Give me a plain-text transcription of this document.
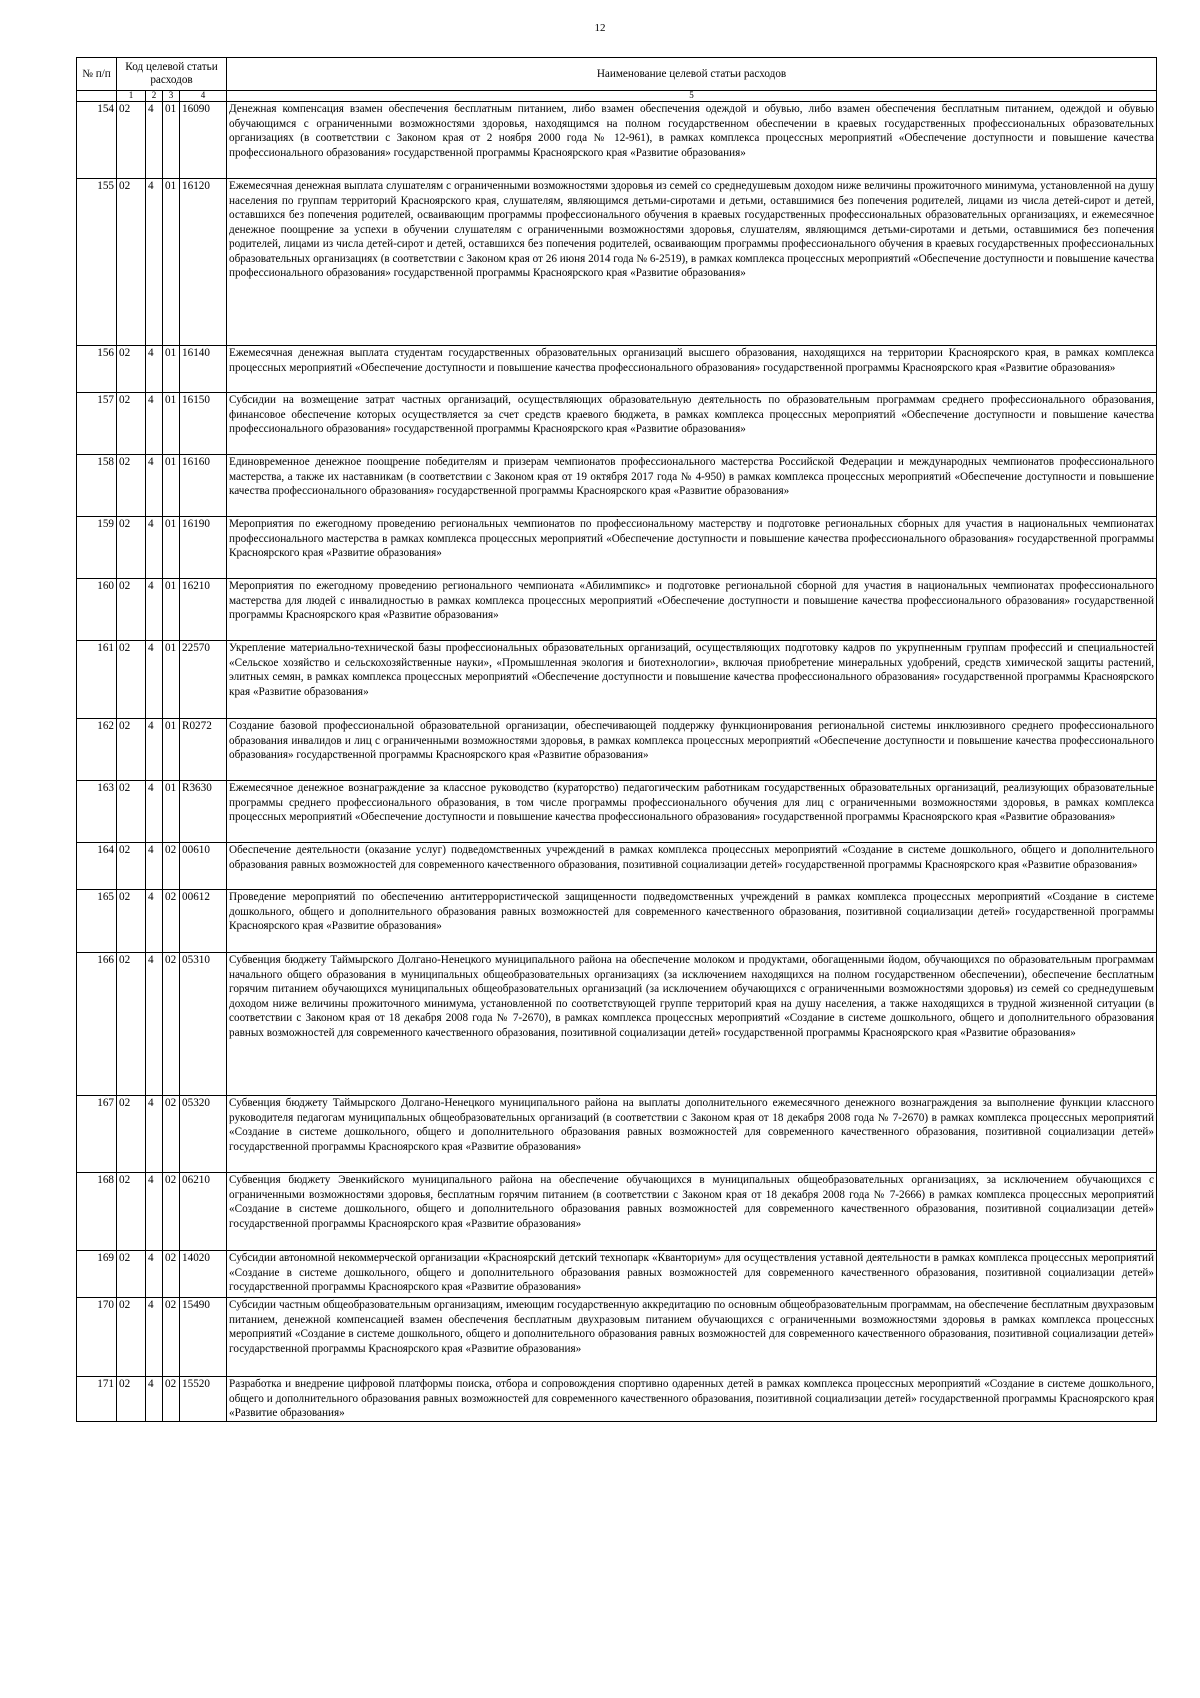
12
№ п/п	Код целевой статьи расходов				Наименование целевой статьи расходов

	1	2	3	4	5
154	02	4	01	16090	Денежная компенсация взамен обеспечения бесплатным питанием, либо взамен обеспечения одеждой и обувью, либо взамен обеспечения бесплатным питанием, одеждой и обувью обучающимся с ограниченными возможностями здоровья, находящимся на полном государственном обеспечении в краевых государственных профессиональных образовательных организациях (в соответствии с Законом края от 2 ноября 2000 года № 12-961), в рамках комплекса процессных мероприятий «Обеспечение доступности и повышение качества профессионального образования» государственной программы Красноярского края «Развитие образования»
155	02	4	01	16120	Ежемесячная денежная выплата слушателям с ограниченными возможностями здоровья из семей со среднедушевым доходом ниже величины прожиточного минимума, установленной на душу населения по группам территорий Красноярского края, слушателям, являющимся детьми-сиротами и детьми, оставшимися без попечения родителей, лицами из числа детей-сирот и детей, оставшихся без попечения родителей, осваивающим программы профессионального обучения в краевых государственных профессиональных образовательных организациях, и ежемесячное денежное поощрение за успехи в обучении слушателям с ограниченными возможностями здоровья, слушателям, являющимся детьми-сиротами и детьми, оставшимися без попечения родителей, лицами из числа детей-сирот и детей, оставшихся без попечения родителей, осваивающим программы профессионального обучения в краевых государственных профессиональных образовательных организациях (в соответствии с Законом края от 26 июня 2014 года № 6-2519), в рамках комплекса процессных мероприятий «Обеспечение доступности и повышение качества профессионального образования» государственной программы Красноярского края «Развитие образования»
156	02	4	01	16140	Ежемесячная денежная выплата студентам государственных образовательных организаций высшего образования, находящихся на территории Красноярского края, в рамках комплекса процессных мероприятий «Обеспечение доступности и повышение качества профессионального образования» государственной программы Красноярского края «Развитие образования»
157	02	4	01	16150	Субсидии на возмещение затрат частных организаций, осуществляющих образовательную деятельность по образовательным программам среднего профессионального образования, финансовое обеспечение которых осуществляется за счет средств краевого бюджета, в рамках комплекса процессных мероприятий «Обеспечение доступности и повышение качества профессионального образования» государственной программы Красноярского края «Развитие образования»
158	02	4	01	16160	Единовременное денежное поощрение победителям и призерам чемпионатов профессионального мастерства Российской Федерации и международных чемпионатов профессионального мастерства, а также их наставникам (в соответствии с Законом края от 19 октября 2017 года № 4-950) в рамках комплекса процессных мероприятий «Обеспечение доступности и повышение качества профессионального образования» государственной программы Красноярского края «Развитие образования»
159	02	4	01	16190	Мероприятия по ежегодному проведению региональных чемпионатов по профессиональному мастерству и подготовке региональных сборных для участия в национальных чемпионатах профессионального мастерства в рамках комплекса процессных мероприятий «Обеспечение доступности и повышение качества профессионального образования» государственной программы Красноярского края «Развитие образования»
160	02	4	01	16210	Мероприятия по ежегодному проведению регионального чемпионата «Абилимпикс» и подготовке региональной сборной для участия в национальных чемпионатах профессионального мастерства для людей с инвалидностью в рамках комплекса процессных мероприятий «Обеспечение доступности и повышение качества профессионального образования» государственной программы Красноярского края «Развитие образования»
161	02	4	01	22570	Укрепление материально-технической базы профессиональных образовательных организаций, осуществляющих подготовку кадров по укрупненным группам профессий и специальностей «Сельское хозяйство и сельскохозяйственные науки», «Промышленная экология и биотехнологии», включая приобретение минеральных удобрений, средств химической защиты растений, элитных семян, в рамках комплекса процессных мероприятий «Обеспечение доступности и повышение качества профессионального образования» государственной программы Красноярского края «Развитие образования»
162	02	4	01	R0272	Создание базовой профессиональной образовательной организации, обеспечивающей поддержку функционирования региональной системы инклюзивного среднего профессионального образования инвалидов и лиц с ограниченными возможностями здоровья, в рамках комплекса процессных мероприятий «Обеспечение доступности и повышение качества профессионального образования» государственной программы Красноярского края «Развитие образования»
163	02	4	01	R3630	Ежемесячное денежное вознаграждение за классное руководство (кураторство) педагогическим работникам государственных образовательных организаций, реализующих образовательные программы среднего профессионального образования, в том числе программы профессионального обучения для лиц с ограниченными возможностями здоровья, в рамках комплекса процессных мероприятий «Обеспечение доступности и повышение качества профессионального образования» государственной программы Красноярского края «Развитие образования»
164	02	4	02	00610	Обеспечение деятельности (оказание услуг) подведомственных учреждений в рамках комплекса процессных мероприятий «Создание в системе дошкольного, общего и дополнительного образования равных возможностей для современного качественного образования, позитивной социализации детей» государственной программы Красноярского края «Развитие образования»
165	02	4	02	00612	Проведение мероприятий по обеспечению антитеррористической защищенности подведомственных учреждений в рамках комплекса процессных мероприятий «Создание в системе дошкольного, общего и дополнительного образования равных возможностей для современного качественного образования, позитивной социализации детей» государственной программы Красноярского края «Развитие образования»
166	02	4	02	05310	Субвенция бюджету Таймырского Долгано-Ненецкого муниципального района на обеспечение молоком и продуктами, обогащенными йодом, обучающихся по образовательным программам начального общего образования в муниципальных общеобразовательных организациях (за исключением находящихся на полном государственном обеспечении), обеспечение бесплатным горячим питанием обучающихся муниципальных общеобразовательных организаций (за исключением обучающихся с ограниченными возможностями здоровья) из семей со среднедушевым доходом ниже величины прожиточного минимума, установленной по соответствующей группе территорий края на душу населения, а также находящихся в трудной жизненной ситуации (в соответствии с Законом края от 18 декабря 2008 года № 7-2670), в рамках комплекса процессных мероприятий «Создание в системе дошкольного, общего и дополнительного образования равных возможностей для современного качественного образования, позитивной социализации детей» государственной программы Красноярского края «Развитие образования»
167	02	4	02	05320	Субвенция бюджету Таймырского Долгано-Ненецкого муниципального района на выплаты дополнительного ежемесячного денежного вознаграждения за выполнение функции классного руководителя педагогам муниципальных общеобразовательных организаций (в соответствии с Законом края от 18 декабря 2008 года № 7-2670) в рамках комплекса процессных мероприятий «Создание в системе дошкольного, общего и дополнительного образования равных возможностей для современного качественного образования, позитивной социализации детей» государственной программы Красноярского края «Развитие образования»
168	02	4	02	06210	Субвенция бюджету Эвенкийского муниципального района на обеспечение обучающихся в муниципальных общеобразовательных организациях, за исключением обучающихся с ограниченными возможностями здоровья, бесплатным горячим питанием (в соответствии с Законом края от 18 декабря 2008 года № 7-2666) в рамках комплекса процессных мероприятий «Создание в системе дошкольного, общего и дополнительного образования равных возможностей для современного качественного образования, позитивной социализации детей» государственной программы Красноярского края «Развитие образования»
169	02	4	02	14020	Субсидии автономной некоммерческой организации «Красноярский детский технопарк «Кванториум» для осуществления уставной деятельности в рамках комплекса процессных мероприятий «Создание в системе дошкольного, общего и дополнительного образования равных возможностей для современного качественного образования, позитивной социализации детей» государственной программы Красноярского края «Развитие образования»
170	02	4	02	15490	Субсидии частным общеобразовательным организациям, имеющим государственную аккредитацию по основным общеобразовательным программам, на обеспечение бесплатным двухразовым питанием, денежной компенсацией взамен обеспечения бесплатным двухразовым питанием обучающихся с ограниченными возможностями здоровья в рамках комплекса процессных мероприятий «Создание в системе дошкольного, общего и дополнительного образования равных возможностей для современного качественного образования, позитивной социализации детей» государственной программы Красноярского края «Развитие образования»
171	02	4	02	15520	Разработка и внедрение цифровой платформы поиска, отбора и сопровождения спортивно одаренных детей в рамках комплекса процессных мероприятий «Создание в системе дошкольного, общего и дополнительного образования равных возможностей для современного качественного образования, позитивной социализации детей» государственной программы Красноярского края «Развитие образования»
